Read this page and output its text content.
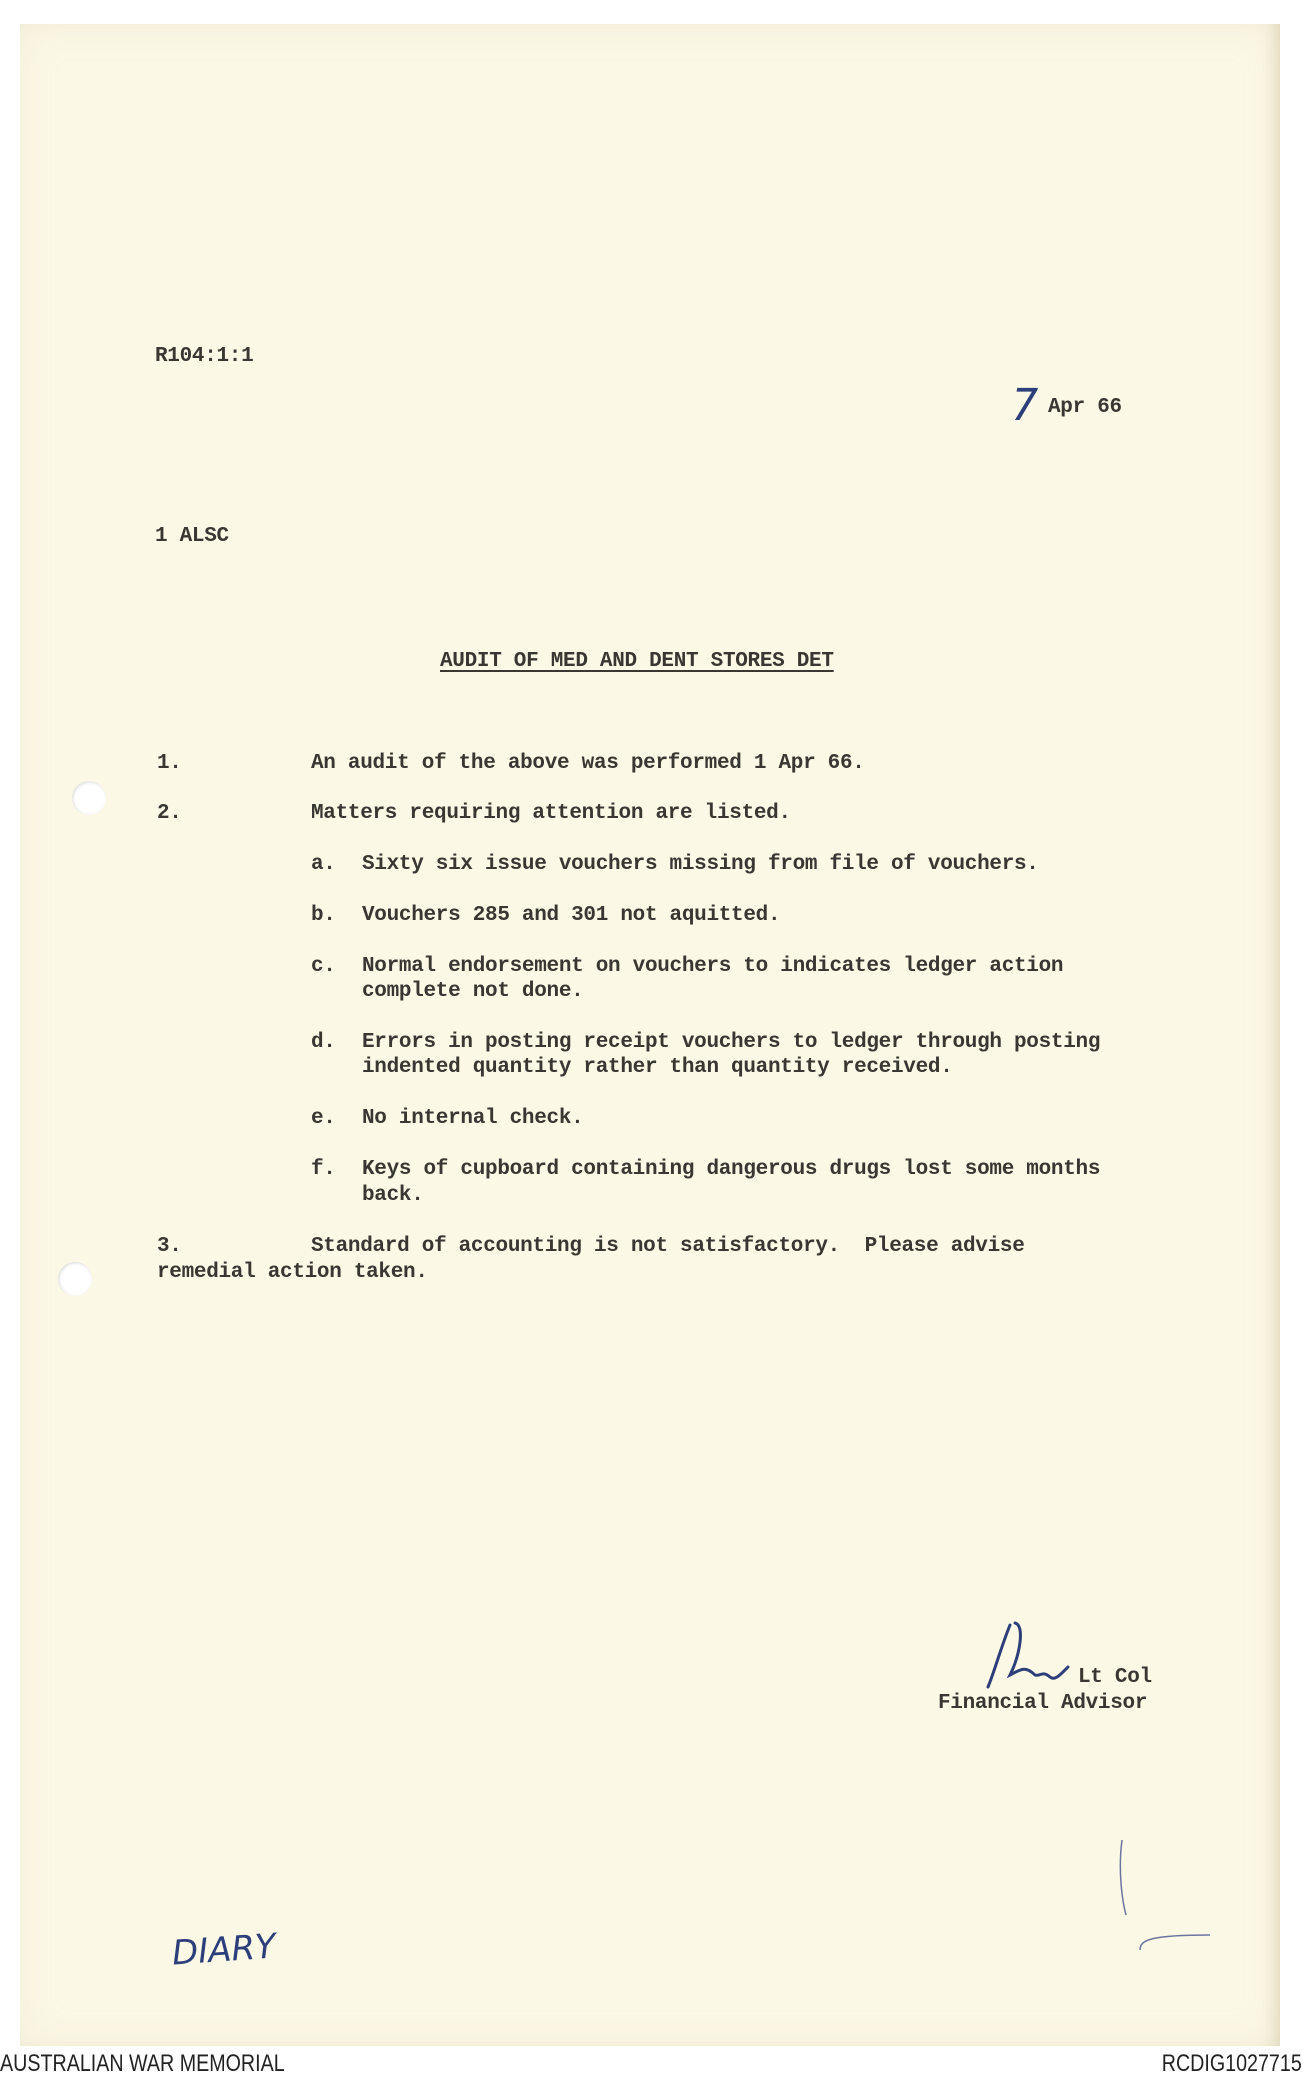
R104:1:1
7 Apr 66
1 ALSC
AUDIT OF MED AND DENT STORES DET
1.	An audit of the above was performed 1 Apr 66.
2.	Matters requiring attention are listed.
a. Sixty six issue vouchers missing from file of vouchers.
b. Vouchers 285 and 301 not aquitted.
c. Normal endorsement on vouchers to indicates ledger action
complete not done.
d. Errors in posting receipt vouchers to ledger through posting
indented quantity rather than quantity received.
e. No internal check.
f. Keys of cupboard containing dangerous drugs lost some months
back.
3.	Standard of accounting is not satisfactory.  Please advise
remedial action taken.
Lt Col
Financial Advisor
DIARY
AUSTRALIAN WAR MEMORIAL	RCDIG1027715
